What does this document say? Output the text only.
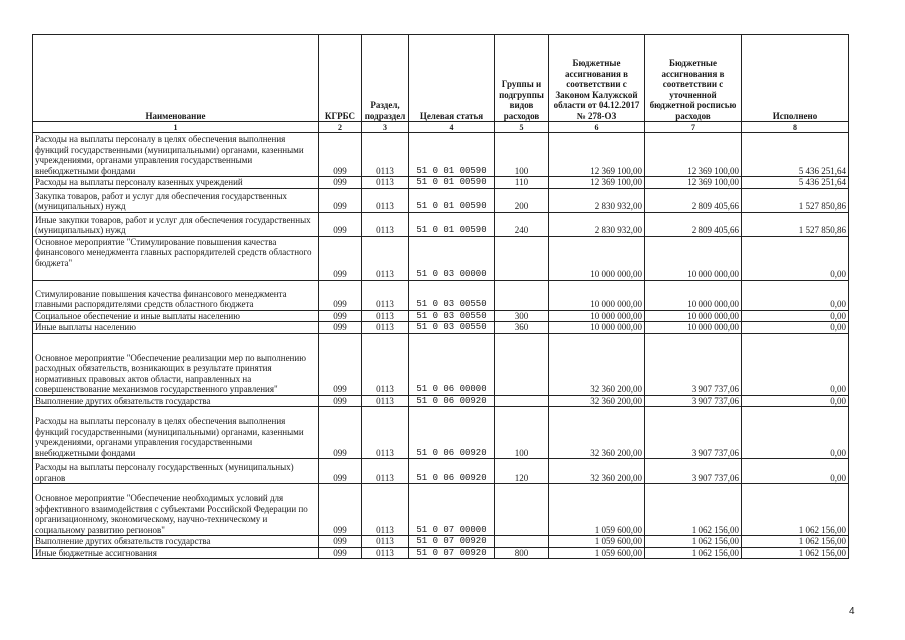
Наименование	КГРБС	Раздел, подраздел	Целевая статья	Группы и подгруппы видов расходов	Бюджетные ассигнования в соответствии с Законом Калужской области от 04.12.2017 № 278-ОЗ	Бюджетные ассигнования в соответствии с уточненной бюджетной росписью расходов	Исполнено
1	2	3	4	5	6	7	8
Расходы на выплаты персоналу в целях обеспечения выполнения функций государственными (муниципальными) органами, казенными учреждениями, органами управления государственными внебюджетными фондами	099	0113	51 0 01 00590	100	12 369 100,00	12 369 100,00	5 436 251,64
Расходы на выплаты персоналу казенных учреждений	099	0113	51 0 01 00590	110	12 369 100,00	12 369 100,00	5 436 251,64
Закупка товаров, работ и услуг для обеспечения государственных (муниципальных) нужд	099	0113	51 0 01 00590	200	2 830 932,00	2 809 405,66	1 527 850,86
Иные закупки товаров, работ и услуг для обеспечения государственных (муниципальных) нужд	099	0113	51 0 01 00590	240	2 830 932,00	2 809 405,66	1 527 850,86
Основное мероприятие "Стимулирование повышения качества финансового менеджмента главных распорядителей средств областного бюджета"	099	0113	51 0 03 00000		10 000 000,00	10 000 000,00	0,00
Стимулирование повышения качества финансового менеджмента главными распорядителями средств областного бюджета	099	0113	51 0 03 00550		10 000 000,00	10 000 000,00	0,00
Социальное обеспечение и иные выплаты населению	099	0113	51 0 03 00550	300	10 000 000,00	10 000 000,00	0,00
Иные выплаты населению	099	0113	51 0 03 00550	360	10 000 000,00	10 000 000,00	0,00
Основное мероприятие "Обеспечение реализации мер по выполнению расходных обязательств, возникающих в результате принятия нормативных правовых актов области, направленных на совершенствование механизмов государственного управления"	099	0113	51 0 06 00000		32 360 200,00	3 907 737,06	0,00
Выполнение других обязательств государства	099	0113	51 0 06 00920		32 360 200,00	3 907 737,06	0,00
Расходы на выплаты персоналу в целях обеспечения выполнения функций государственными (муниципальными) органами, казенными учреждениями, органами управления государственными внебюджетными фондами	099	0113	51 0 06 00920	100	32 360 200,00	3 907 737,06	0,00
Расходы на выплаты персоналу государственных (муниципальных) органов	099	0113	51 0 06 00920	120	32 360 200,00	3 907 737,06	0,00
Основное мероприятие "Обеспечение необходимых условий для эффективного взаимодействия с субъектами Российской Федерации по организационному, экономическому, научно-техническому и социальному развитию регионов"	099	0113	51 0 07 00000		1 059 600,00	1 062 156,00	1 062 156,00
Выполнение других обязательств государства	099	0113	51 0 07 00920		1 059 600,00	1 062 156,00	1 062 156,00
Иные бюджетные ассигнования	099	0113	51 0 07 00920	800	1 059 600,00	1 062 156,00	1 062 156,00
4
